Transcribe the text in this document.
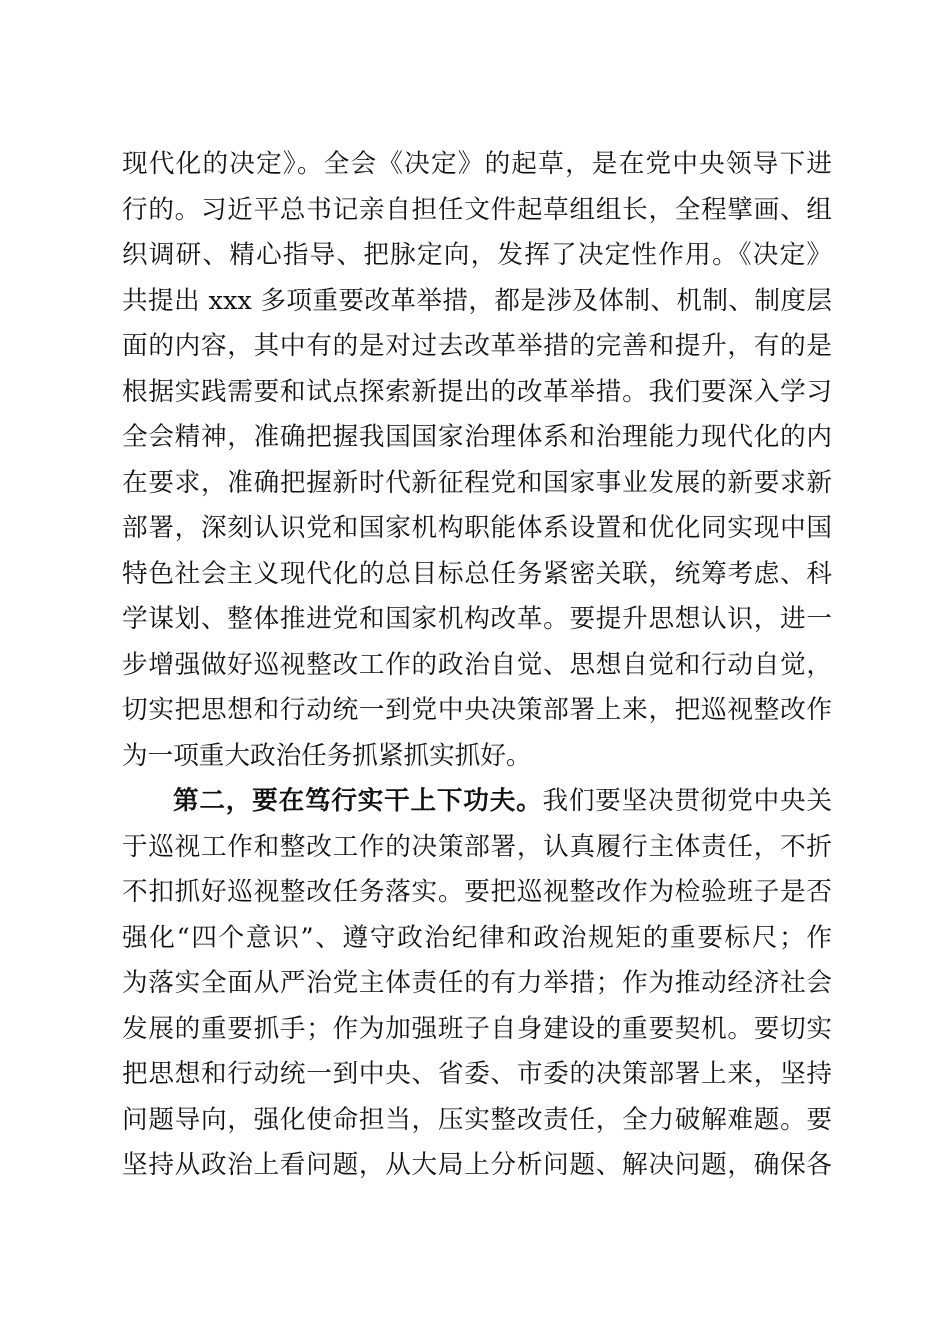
现代化的决定》。全会《决定》的起草，是在党中央领导下进
行的。习近平总书记亲自担任文件起草组组长，全程擘画、组
织调研、精心指导、把脉定向，发挥了决定性作用。《决定》
共提出 xxx 多项重要改革举措，都是涉及体制、机制、制度层
面的内容，其中有的是对过去改革举措的完善和提升，有的是
根据实践需要和试点探索新提出的改革举措。我们要深入学习
全会精神，准确把握我国国家治理体系和治理能力现代化的内
在要求，准确把握新时代新征程党和国家事业发展的新要求新
部署，深刻认识党和国家机构职能体系设置和优化同实现中国
特色社会主义现代化的总目标总任务紧密关联，统筹考虑、科
学谋划、整体推进党和国家机构改革。要提升思想认识，进一
步增强做好巡视整改工作的政治自觉、思想自觉和行动自觉，
切实把思想和行动统一到党中央决策部署上来，把巡视整改作
为一项重大政治任务抓紧抓实抓好。
第二，要在笃行实干上下功夫。我们要坚决贯彻党中央关
于巡视工作和整改工作的决策部署，认真履行主体责任，不折
不扣抓好巡视整改任务落实。要把巡视整改作为检验班子是否
强化“四个意识”、遵守政治纪律和政治规矩的重要标尺；作
为落实全面从严治党主体责任的有力举措；作为推动经济社会
发展的重要抓手；作为加强班子自身建设的重要契机。要切实
把思想和行动统一到中央、省委、市委的决策部署上来，坚持
问题导向，强化使命担当，压实整改责任，全力破解难题。要
坚持从政治上看问题，从大局上分析问题、解决问题，确保各
